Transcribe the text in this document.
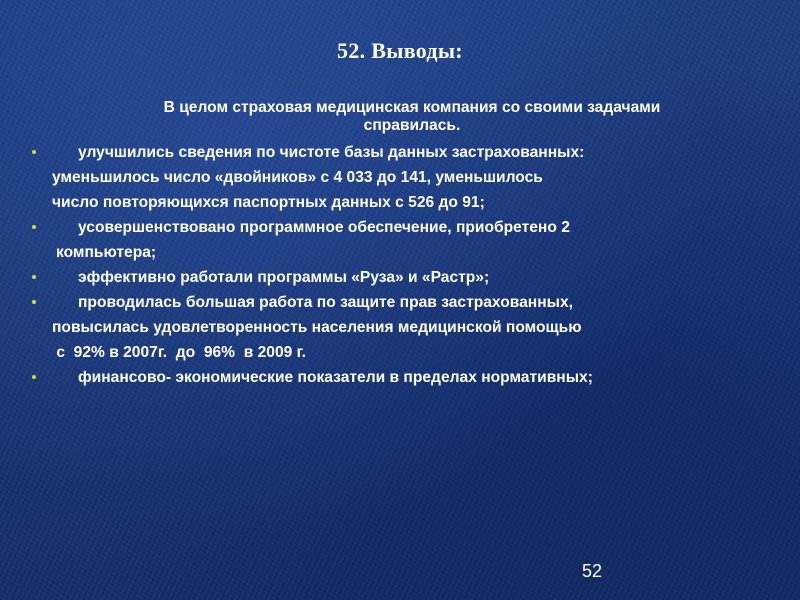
52. Выводы:
В целом страховая медицинская компания со своими задачами
справилась.
улучшились сведения по чистоте базы данных застрахованных:
уменьшилось число «двойников» с 4 033 до 141, уменьшилось
число повторяющихся паспортных данных с 526 до 91;
усовершенствовано программное обеспечение, приобретено 2
компьютера;
эффективно работали программы «Руза» и «Растр»;
проводилась большая работа по защите прав застрахованных,
повысилась удовлетворенность населения медицинской помощью
с  92% в 2007г.  до  96%  в 2009 г.
финансово- экономические показатели в пределах нормативных;
52
